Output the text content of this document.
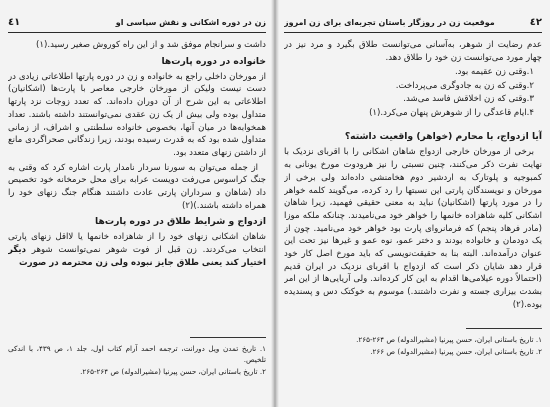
زن در دوره اشکانی و نقش سیاسی او
٤١

داشت و سرانجام موفق شد و از این راه کوروش صغیر رسید.(۱)

خانواده در دوره پارت‌ها

از مورخان داخلی راجع به خانواده و زن در دوره پارتها اطلاعاتی زیادی در دست نیست ولیکن از مورخان خارجی معاصر با پارت‌ها (اشکانیان) اطلاعاتی به این شرح از آن دوران داده‌اند. که تعدد زوجات نزد پارتها متداول بوده ولی بیش از یک زن عقدی نمی‌توانستند داشته باشند. تعداد همخوابه‌ها در میان آنها، بخصوص خانواده سلطنتی و اشراف، از زمانی متداول شده بود که به قدرت رسیده بودند، زیرا زندگانی صحراگردی مانع از داشتن زنهای متعدد بود.

از جمله می‌توان به سورنا سردار نامدار پارت اشاره کرد که وقتی به جنگ کراسوس می‌رفت دویست عرابه برای محل حرمخانه خود تخصیص داد (شاهان و سرداران پارتی عادت داشتند هنگام جنگ زنهای خود را همراه داشته باشند.)(۲)

ازدواج و شرایط طلاق در دوره پارت‌ها

شاهان اشکانی زنهای خود را از شاهزاده خانمها یا لااقل زنهای پارتی انتخاب می‌کردند. زن قبل از فوت شوهر نمی‌توانست شوهر دیگر اختیار کند یعنی طلاق جایز نبوده ولی زن محترمه در صورت

۱. تاریخ تمدن ویل دورانت، ترجمه احمد آرام کتاب اول، جلد ۱، ص ۴۳۹، با اندکی تلخیص.
۲. تاریخ باستانی ایران، حسن پیرنیا (مشیرالدوله) ص ۲۶۴-۲۶۵.
٤٢
موقعیت زن در روزگار باستان تجربه‌ای برای زن امروز

عدم رضایت از شوهر، به‌آسانی می‌توانست طلاق بگیرد و مرد نیز در چهار مورد می‌توانست زن خود را طلاق دهد.

۱.وقتی زن عقیمه بود.
۲.وقتی که زن به جادوگری می‌پرداخت.
۳.وقتی که زن اخلاقش فاسد می‌شد.
۴.ایام قاعدگی را از شوهرش پنهان می‌کرد.(۱)
آیا ازدواج، با محارم (خواهر) واقعیت داشته؟

برخی از مورخان خارجی ازدواج شاهان اشکانی را با اقربای نزدیک با نهایت نفرت ذکر می‌کنند، چنین نسبتی را نیز هرودوت مورخ یونانی به کمبوجیه و پلوتارک به اردشیر دوم هخامنشی داده‌اند ولی برخی از مورخان و نویسندگان پارتی این نسبتها را رد کرده، می‌گویند کلمه خواهر را در مورد پارتها (اشکانیان) نباید به معنی حقیقی فهمید، زیرا شاهان اشکانی کلیه شاهزاده خانمها را خواهر خود می‌نامیدند. چنانکه ملکه موزا (مادر فرهاد پنجم) که فرمانروای پارت بود خواهر خود می‌نامید. چون از یک دودمان و خانواده بودند و دختر عمو، نوه عمو و غیرها نیز تحت این عنوان درآمده‌اند. البته بنا به حقیقت‌نویسی که باید مورخ اصل کار خود قرار دهد شایان ذکر است که ازدواج با اقربای نزدیک در ایران قدیم (احتمالاً دوره عیلامی‌ها اقدام به این کار کرده‌اند. ولی آریایی‌ها از این امر بشدت بیزاری جسته و نفرت داشتند.) موسوم به خوکتک دس و پسندیده بوده.(۲)

۱. تاریخ باستانی ایران، حسن پیرنیا (مشیرالدوله) ص ۲۶۴-۲۶۵.
۲. تاریخ باستانی ایران، حسن پیرنیا (مشیرالدوله) ص ۲۶۶.
